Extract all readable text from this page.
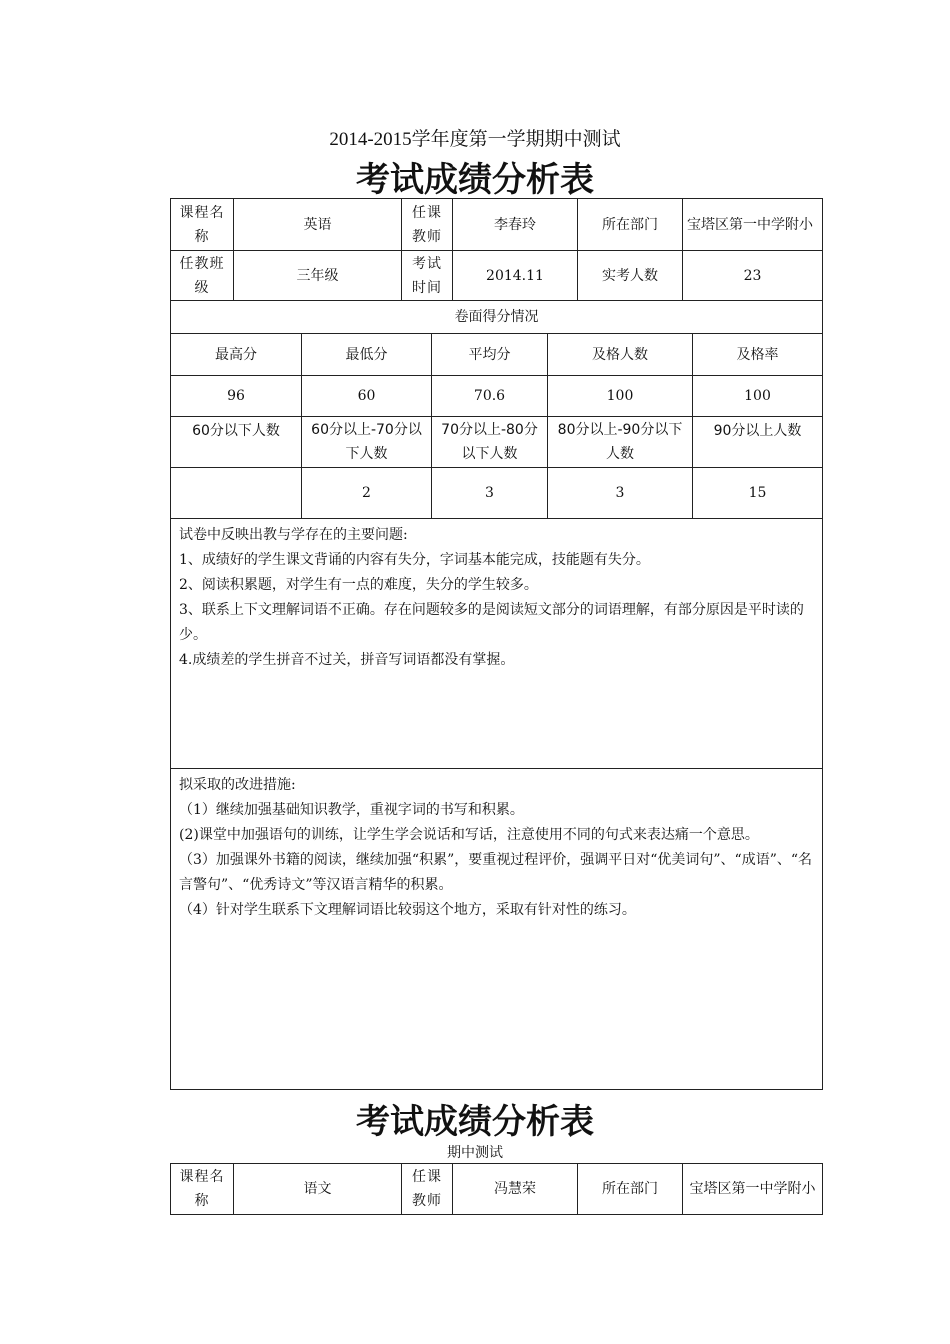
2014-2015学年度第一学期期中测试
考试成绩分析表
课程名称	英语	任课教师	李春玲	所在部门	宝塔区第一中学附小
任教班级	三年级	考试时间	2014.11	实考人数	23
卷面得分情况				
最高分	最低分	平均分	及格人数	及格率
96	60	70.6	100	100
60分以下人数	60分以上-70分以下人数	70分以上-80分以下人数	80分以上-90分以下人数	90分以上人数
	2	3	3	15

试卷中反映出教与学存在的主要问题:

1、成绩好的学生课文背诵的内容有失分，字词基本能完成，技能题有失分。

2、阅读积累题，对学生有一点的难度，失分的学生较多。

3、联系上下文理解词语不正确。存在问题较多的是阅读短文部分的词语理解，有部分原因是平时读的少。

4.成绩差的学生拼音不过关，拼音写词语都没有掌握。				

拟采取的改进措施:

（1）继续加强基础知识教学，重视字词的书写和积累。

(2)课堂中加强语句的训练，让学生学会说话和写话，注意使用不同的句式来表达痛一个意思。

（3）加强课外书籍的阅读，继续加强“积累”，要重视过程评价，强调平日对“优美词句”、“成语”、“名言警句”、“优秀诗文”等汉语言精华的积累。

（4）针对学生联系下文理解词语比较弱这个地方，采取有针对性的练习。				

考试成绩分析表
期中测试
课程名称	语文	任课教师	冯慧荣	所在部门	宝塔区第一中学附小
